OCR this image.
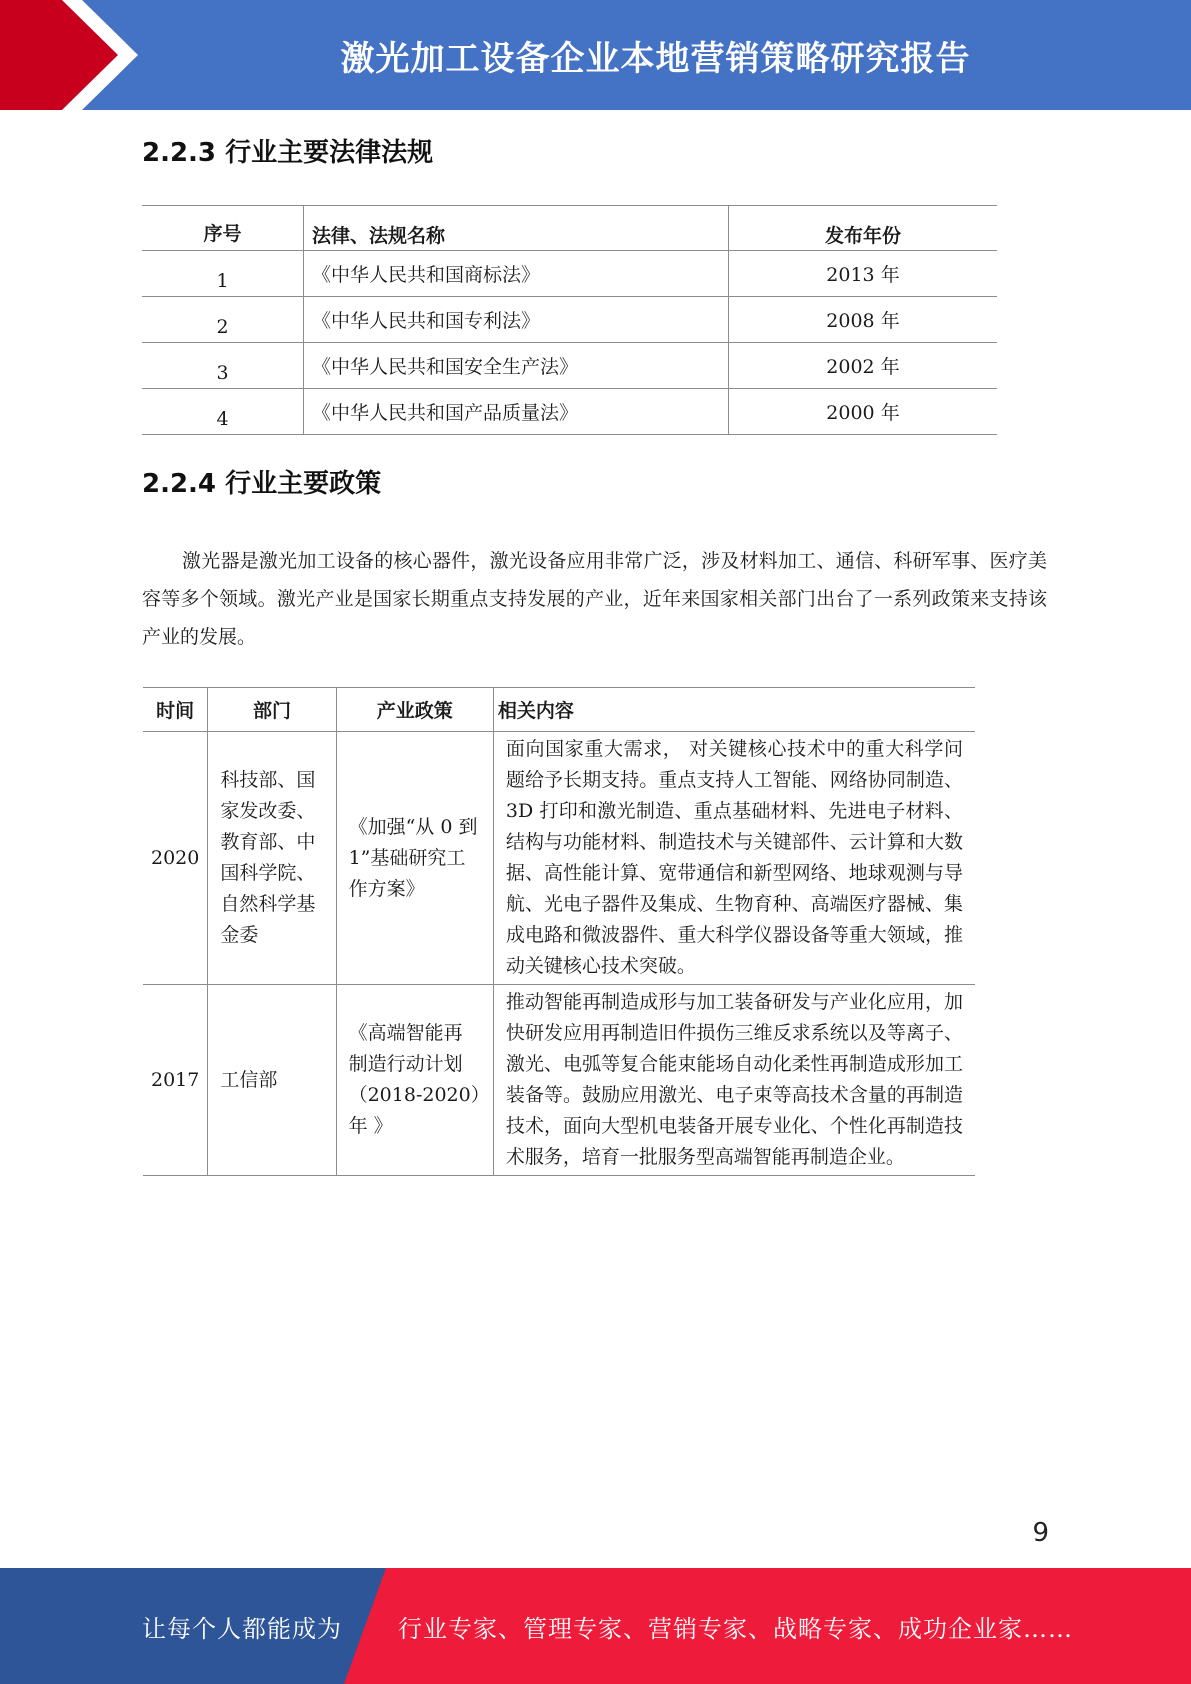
激光加工设备企业本地营销策略研究报告
2.2.3 行业主要法律法规
序号	法律、法规名称	发布年份
1	《中华人民共和国商标法》	2013 年
2	《中华人民共和国专利法》	2008 年
3	《中华人民共和国安全生产法》	2002 年
4	《中华人民共和国产品质量法》	2000 年
2.2.4 行业主要政策

激光器是激光加工设备的核心器件，激光设备应用非常广泛，涉及材料加工、通信、科研军事、医疗美容等多个领域。激光产业是国家长期重点支持发展的产业，近年来国家相关部门出台了一系列政策来支持该产业的发展。

时间	部门	产业政策	相关内容
2020	科技部、国家发改委、教育部、中国科学院、自然科学基金委	《加强“从 0 到 1”基础研究工作方案》	面向国家重大需求， 对关键核心技术中的重大科学问题给予长期支持。重点支持人工智能、网络协同制造、 3D 打印和激光制造、重点基础材料、先进电子材料、结构与功能材料、制造技术与关键部件、云计算和大数据、高性能计算、宽带通信和新型网络、地球观测与导航、光电子器件及集成、生物育种、高端医疗器械、集成电路和微波器件、重大科学仪器设备等重大领域，推动关键核心技术突破。
2017	工信部	《高端智能再制造行动计划（2018-2020）年 》	推动智能再制造成形与加工装备研发与产业化应用，加快研发应用再制造旧件损伤三维反求系统以及等离子、激光、电弧等复合能束能场自动化柔性再制造成形加工装备等。鼓励应用激光、电子束等高技术含量的再制造技术，面向大型机电装备开展专业化、个性化再制造技术服务，培育一批服务型高端智能再制造企业。
9
让每个人都能成为 行业专家、管理专家、营销专家、战略专家、成功企业家……
